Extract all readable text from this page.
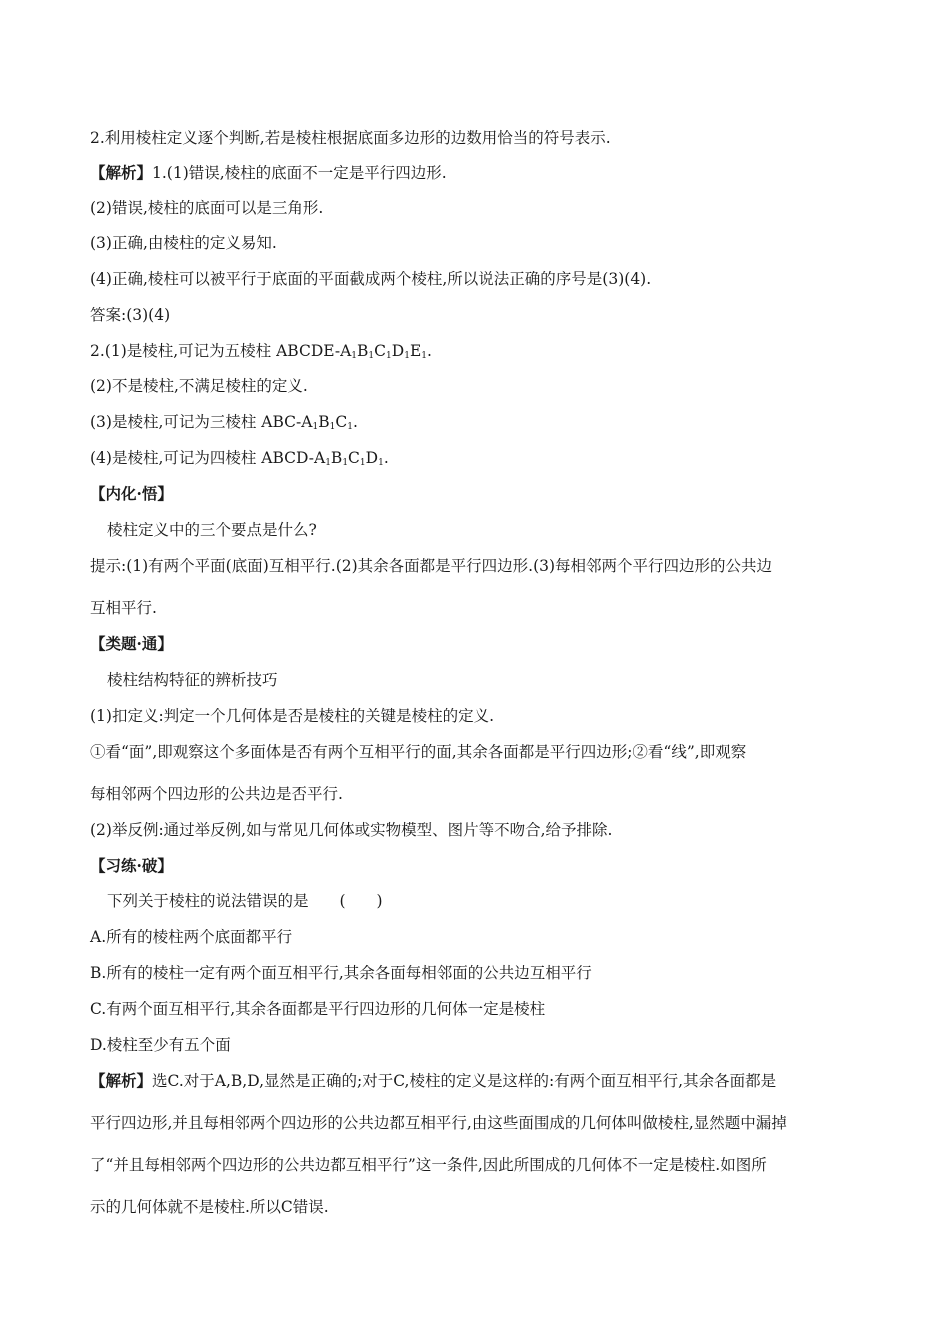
2.利用棱柱定义逐个判断,若是棱柱根据底面多边形的边数用恰当的符号表示.
【解析】1.(1)错误,棱柱的底面不一定是平行四边形.
(2)错误,棱柱的底面可以是三角形.
(3)正确,由棱柱的定义易知.
(4)正确,棱柱可以被平行于底面的平面截成两个棱柱,所以说法正确的序号是(3)(4).
答案:(3)(4)
2.(1)是棱柱,可记为五棱柱 ABCDE-$A_1B_1C_1D_1E_1$.
(2)不是棱柱,不满足棱柱的定义.
(3)是棱柱,可记为三棱柱 ABC-$A_1B_1C_1$.
(4)是棱柱,可记为四棱柱 ABCD-$A_1B_1C_1D_1$.
【内化·悟】
棱柱定义中的三个要点是什么?
提示:(1)有两个平面(底面)互相平行.(2)其余各面都是平行四边形.(3)每相邻两个平行四边形的公共边
互相平行.
【类题·通】
棱柱结构特征的辨析技巧
(1)扣定义:判定一个几何体是否是棱柱的关键是棱柱的定义.
①看“面”,即观察这个多面体是否有两个互相平行的面,其余各面都是平行四边形;②看“线”,即观察
每相邻两个四边形的公共边是否平行.
(2)举反例:通过举反例,如与常见几何体或实物模型、图片等不吻合,给予排除.
【习练·破】
下列关于棱柱的说法错误的是　　(　　)
A.所有的棱柱两个底面都平行
B.所有的棱柱一定有两个面互相平行,其余各面每相邻面的公共边互相平行
C.有两个面互相平行,其余各面都是平行四边形的几何体一定是棱柱
D.棱柱至少有五个面
【解析】选C.对于A,B,D,显然是正确的;对于C,棱柱的定义是这样的:有两个面互相平行,其余各面都是
平行四边形,并且每相邻两个四边形的公共边都互相平行,由这些面围成的几何体叫做棱柱,显然题中漏掉
了“并且每相邻两个四边形的公共边都互相平行”这一条件,因此所围成的几何体不一定是棱柱.如图所
示的几何体就不是棱柱.所以C错误.
